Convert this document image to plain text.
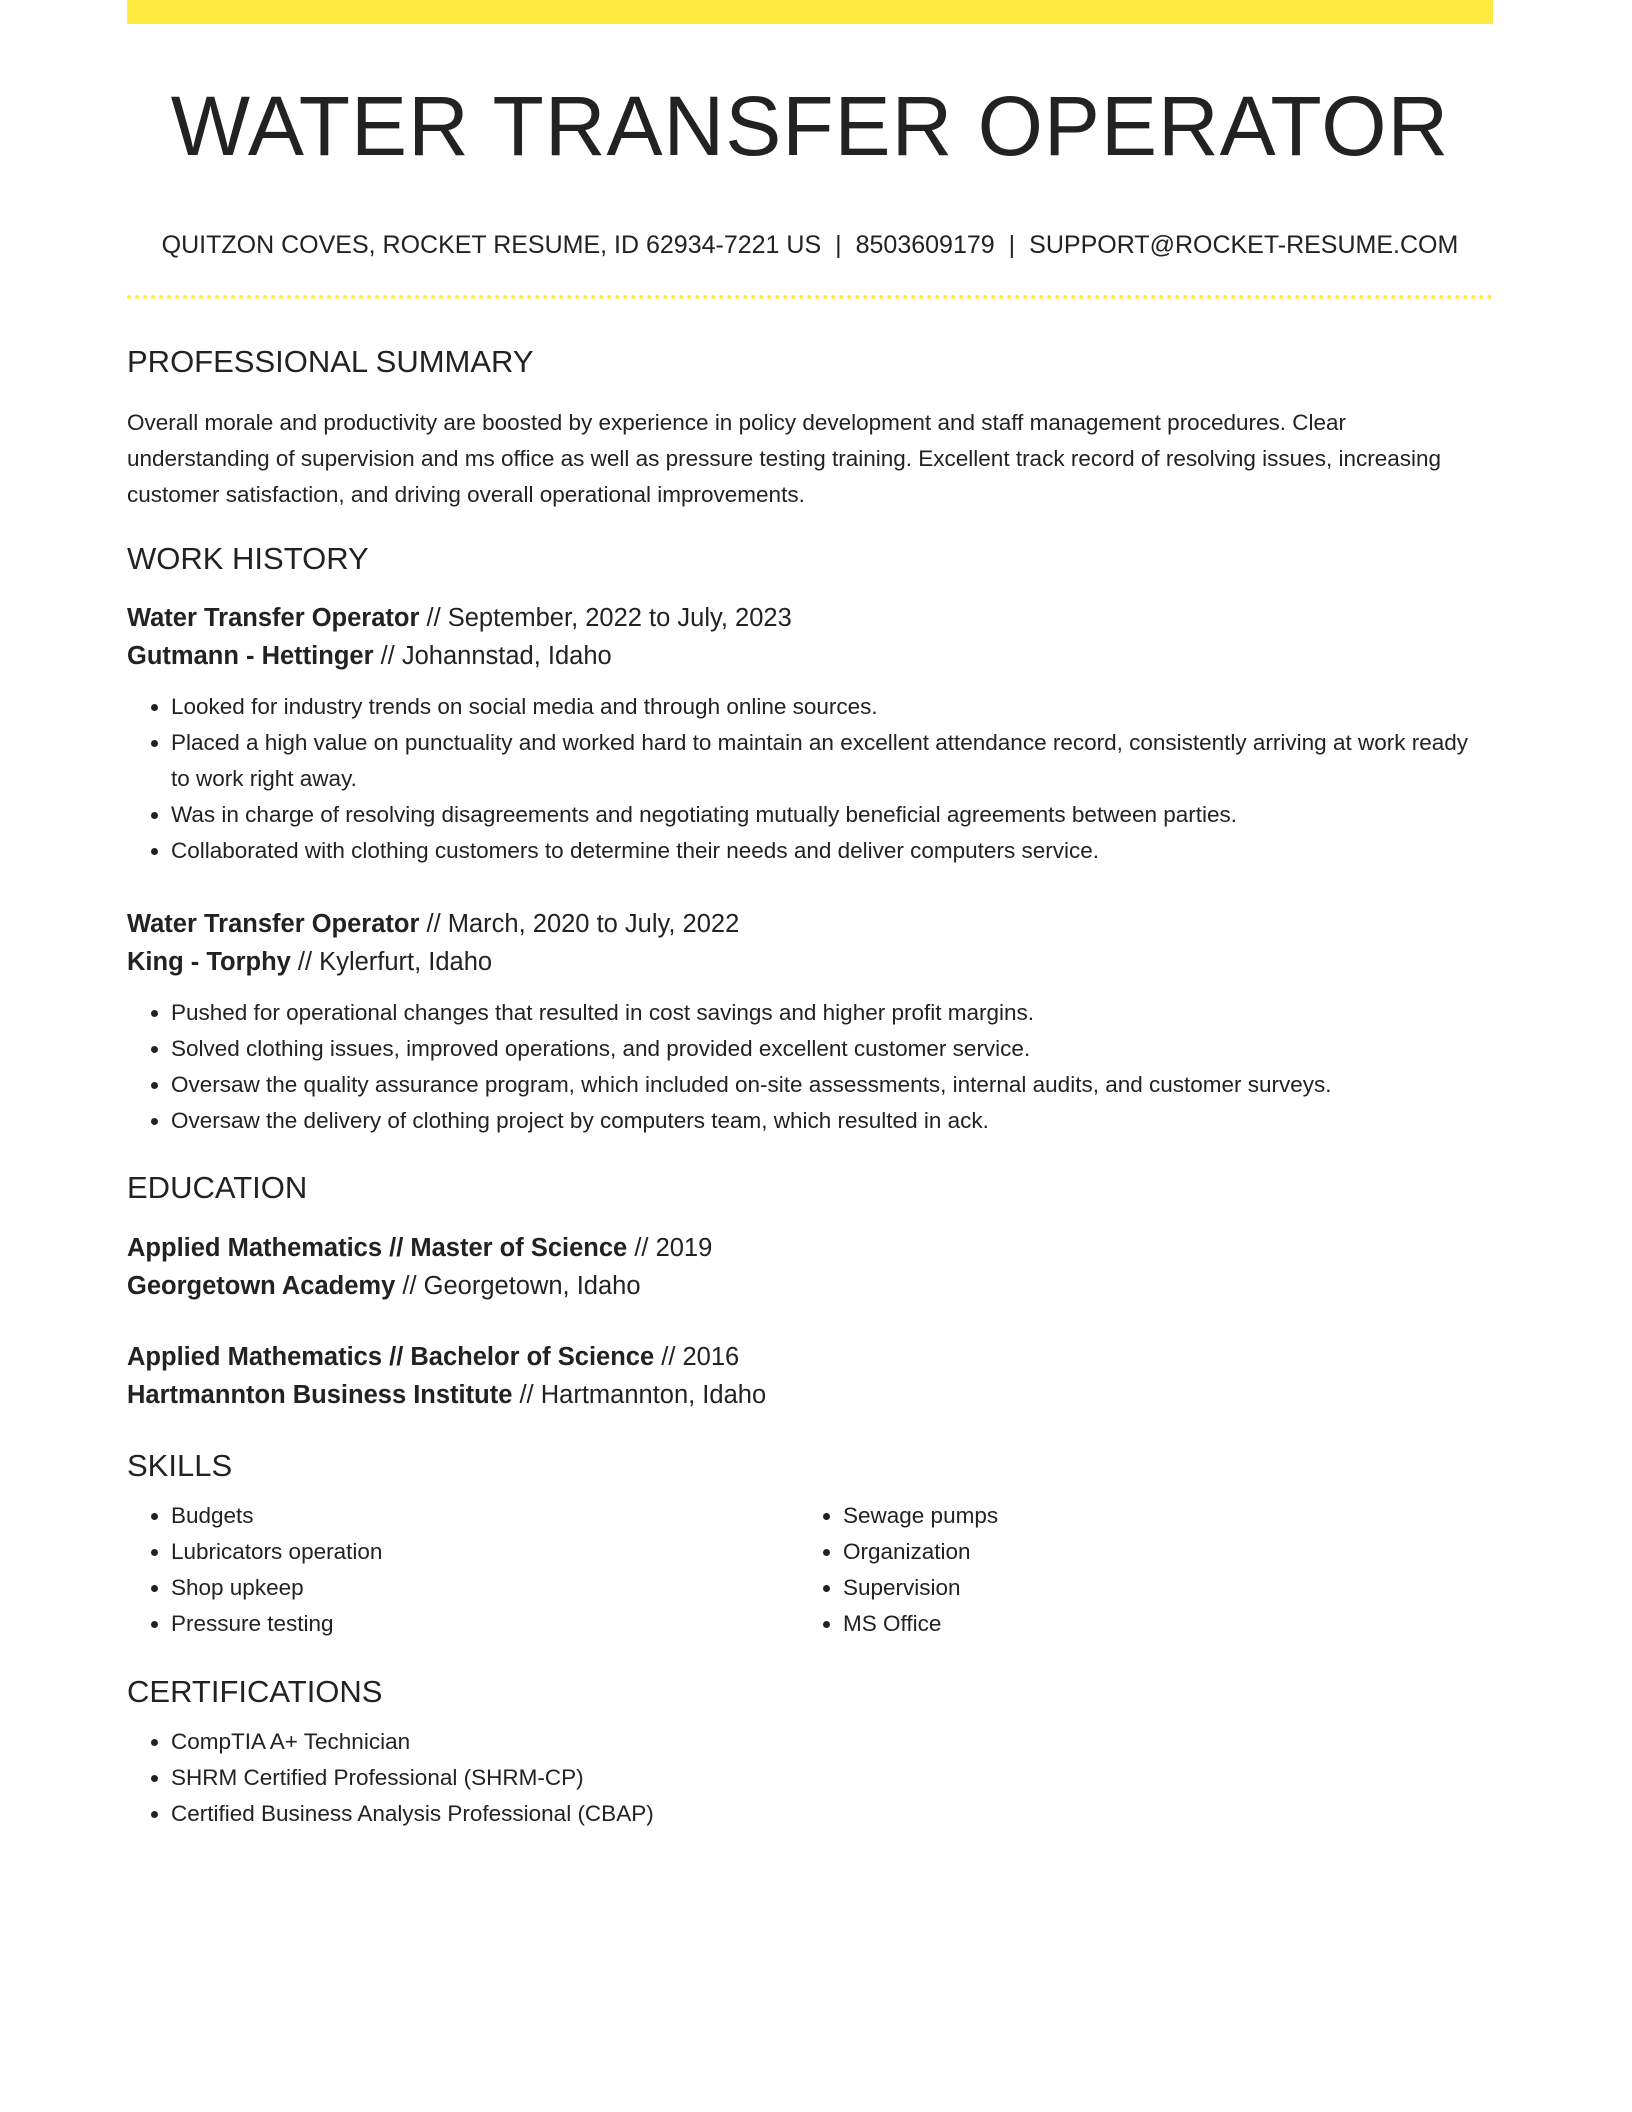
WATER TRANSFER OPERATOR
QUITZON COVES, ROCKET RESUME, ID 62934-7221 US | 8503609179 | SUPPORT@ROCKET-RESUME.COM
PROFESSIONAL SUMMARY
Overall morale and productivity are boosted by experience in policy development and staff management procedures. Clear understanding of supervision and ms office as well as pressure testing training. Excellent track record of resolving issues, increasing customer satisfaction, and driving overall operational improvements.
WORK HISTORY
Water Transfer Operator // September, 2022 to July, 2023
Gutmann - Hettinger // Johannstad, Idaho
• Looked for industry trends on social media and through online sources.
• Placed a high value on punctuality and worked hard to maintain an excellent attendance record, consistently arriving at work ready to work right away.
• Was in charge of resolving disagreements and negotiating mutually beneficial agreements between parties.
• Collaborated with clothing customers to determine their needs and deliver computers service.
Water Transfer Operator // March, 2020 to July, 2022
King - Torphy // Kylerfurt, Idaho
• Pushed for operational changes that resulted in cost savings and higher profit margins.
• Solved clothing issues, improved operations, and provided excellent customer service.
• Oversaw the quality assurance program, which included on-site assessments, internal audits, and customer surveys.
• Oversaw the delivery of clothing project by computers team, which resulted in ack.
EDUCATION
Applied Mathematics // Master of Science // 2019
Georgetown Academy // Georgetown, Idaho
Applied Mathematics // Bachelor of Science // 2016
Hartmannton Business Institute // Hartmannton, Idaho
SKILLS
• Budgets
• Lubricators operation
• Shop upkeep
• Pressure testing
• Sewage pumps
• Organization
• Supervision
• MS Office
CERTIFICATIONS
• CompTIA A+ Technician
• SHRM Certified Professional (SHRM-CP)
• Certified Business Analysis Professional (CBAP)
